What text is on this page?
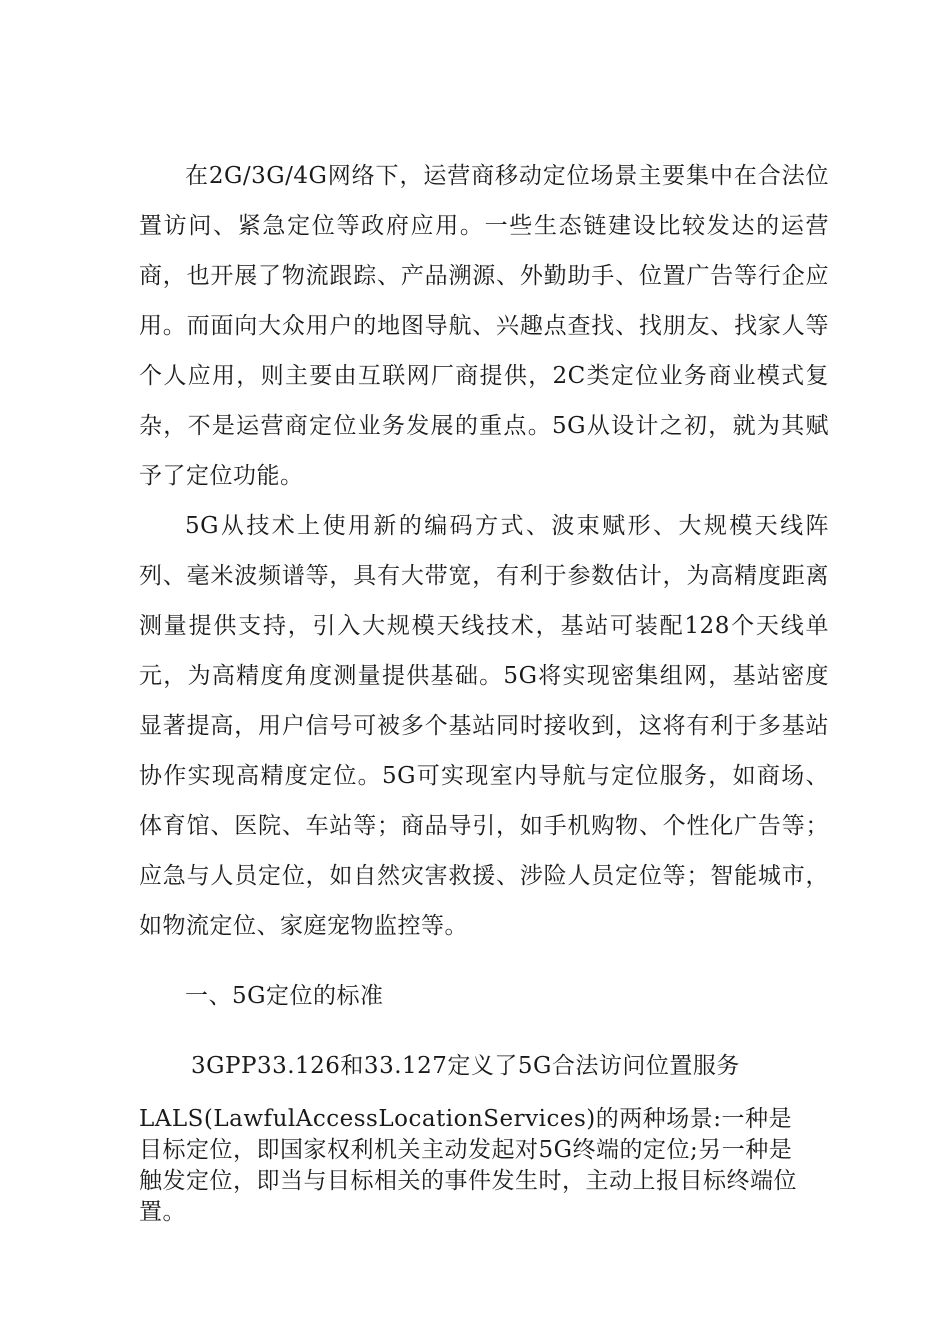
在2G/3G/4G网络下，运营商移动定位场景主要集中在合法位置访问、紧急定位等政府应用。一些生态链建设比较发达的运营商，也开展了物流跟踪、产品溯源、外勤助手、位置广告等行企应用。而面向大众用户的地图导航、兴趣点查找、找朋友、找家人等个人应用，则主要由互联网厂商提供，2C类定位业务商业模式复杂，不是运营商定位业务发展的重点。5G从设计之初，就为其赋予了定位功能。

5G从技术上使用新的编码方式、波束赋形、大规模天线阵列、毫米波频谱等，具有大带宽，有利于参数估计，为高精度距离测量提供支持，引入大规模天线技术，基站可装配128个天线单元，为高精度角度测量提供基础。5G将实现密集组网，基站密度显著提高，用户信号可被多个基站同时接收到，这将有利于多基站协作实现高精度定位。5G可实现室内导航与定位服务，如商场、体育馆、医院、车站等；商品导引，如手机购物、个性化广告等；应急与人员定位，如自然灾害救援、涉险人员定位等；智能城市，如物流定位、家庭宠物监控等。

一、5G定位的标准

3GPP33.126和33.127定义了5G合法访问位置服务

LALS(LawfulAccessLocationServices)的两种场景:一种是目标定位，即国家权利机关主动发起对5G终端的定位;另一种是触发定位，即当与目标相关的事件发生时，主动上报目标终端位置。
